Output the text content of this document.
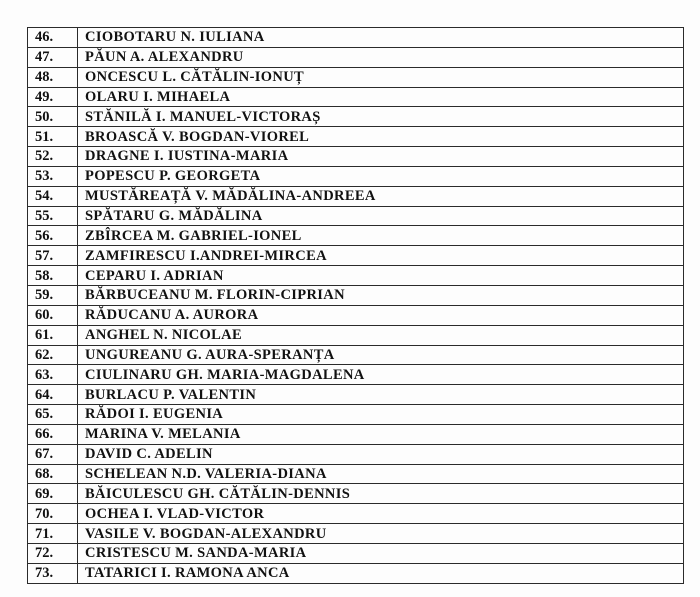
46.	CIOBOTARU N. IULIANA
47.	PĂUN A. ALEXANDRU
48.	ONCESCU L. CĂTĂLIN-IONUȚ
49.	OLARU I. MIHAELA
50.	STĂNILĂ I. MANUEL-VICTORAȘ
51.	BROASCĂ V. BOGDAN-VIOREL
52.	DRAGNE I. IUSTINA-MARIA
53.	POPESCU P. GEORGETA
54.	MUSTĂREAȚĂ V. MĂDĂLINA-ANDREEA
55.	SPĂTARU G. MĂDĂLINA
56.	ZBÎRCEA M. GABRIEL-IONEL
57.	ZAMFIRESCU I.ANDREI-MIRCEA
58.	CEPARU I. ADRIAN
59.	BĂRBUCEANU M. FLORIN-CIPRIAN
60.	RĂDUCANU A. AURORA
61.	ANGHEL N. NICOLAE
62.	UNGUREANU G. AURA-SPERANȚA
63.	CIULINARU GH. MARIA-MAGDALENA
64.	BURLACU P. VALENTIN
65.	RĂDOI I. EUGENIA
66.	MARINA V. MELANIA
67.	DAVID C. ADELIN
68.	SCHELEAN N.D. VALERIA-DIANA
69.	BĂICULESCU GH. CĂTĂLIN-DENNIS
70.	OCHEA I. VLAD-VICTOR
71.	VASILE V. BOGDAN-ALEXANDRU
72.	CRISTESCU M. SANDA-MARIA
73.	TATARICI I. RAMONA ANCA
